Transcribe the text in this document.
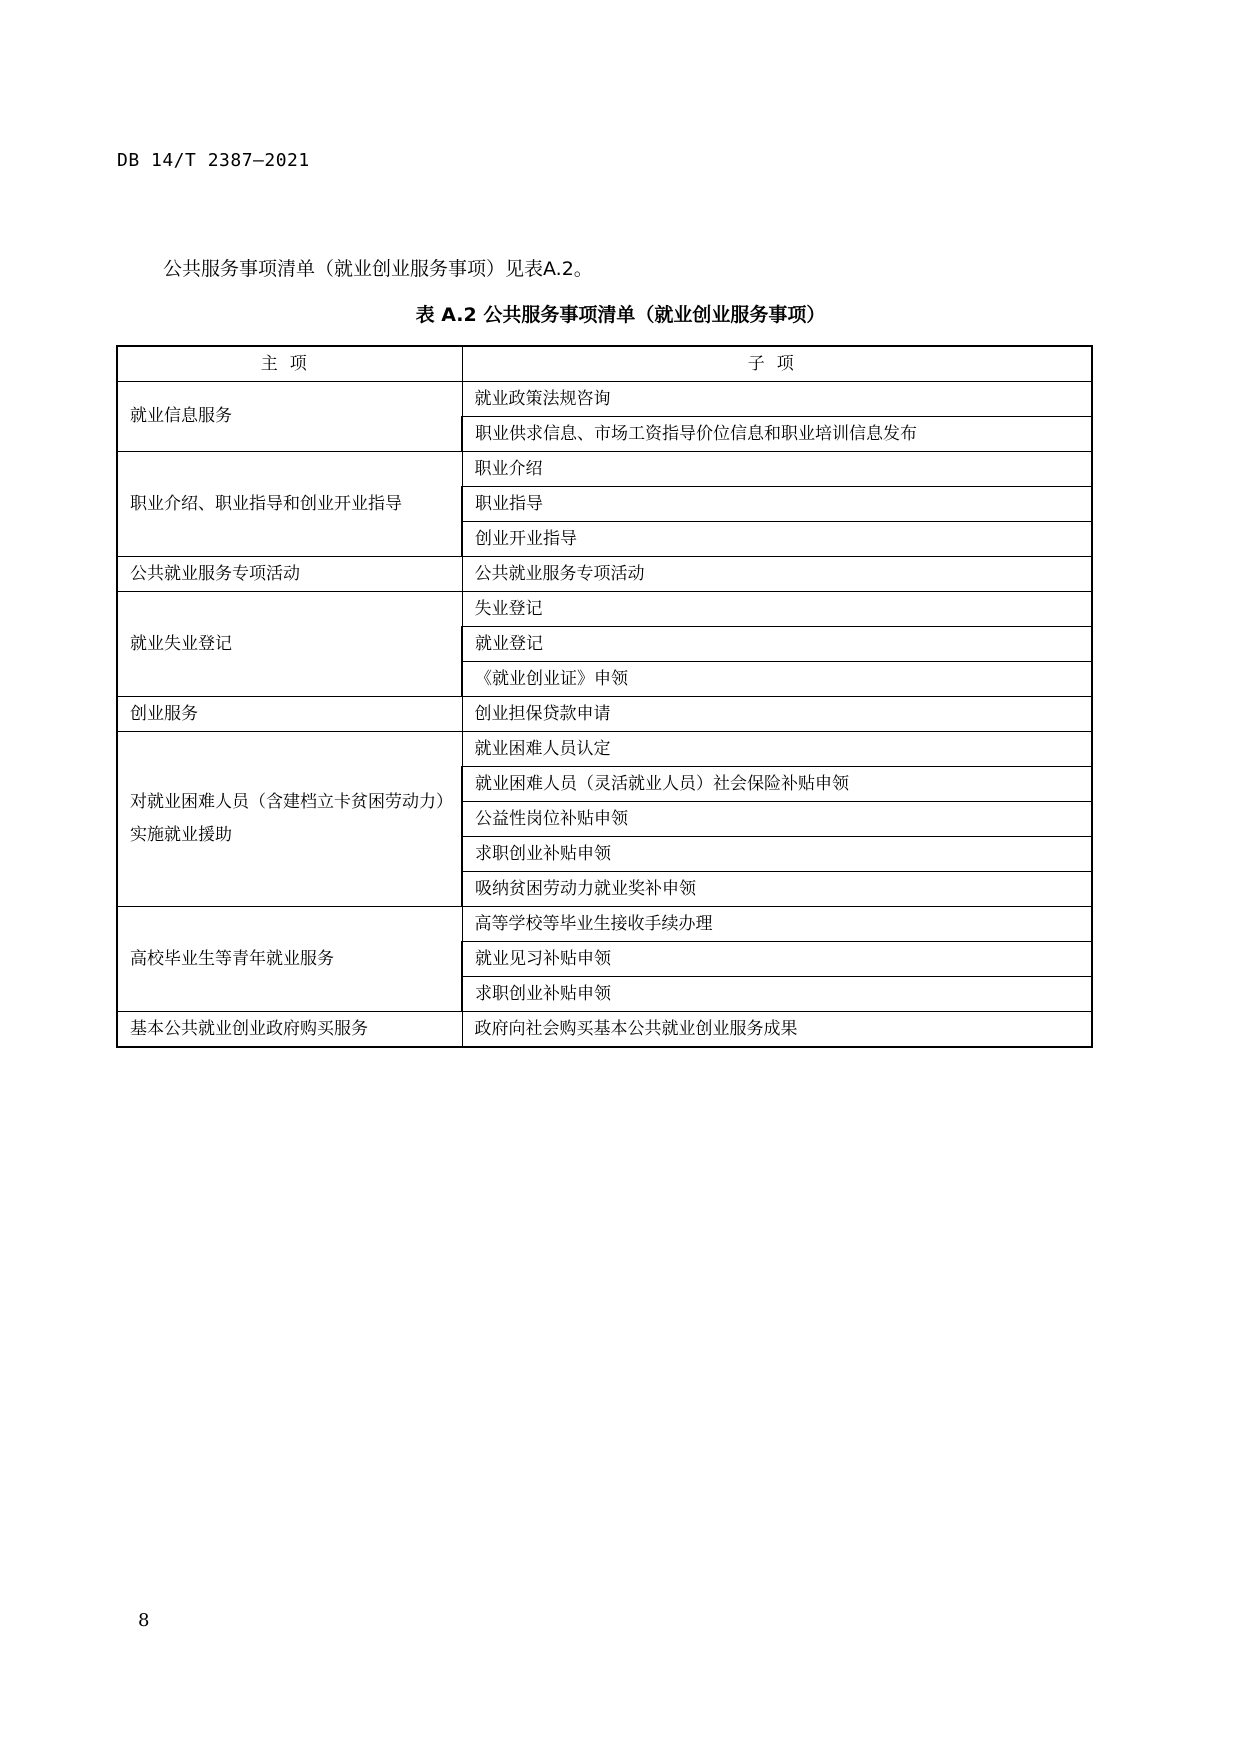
DB 14/T 2387—2021
公共服务事项清单（就业创业服务事项）见表A.2。
表 A.2 公共服务事项清单（就业创业服务事项）
主项	子项
就业信息服务	就业政策法规咨询
	职业供求信息、市场工资指导价位信息和职业培训信息发布
职业介绍、职业指导和创业开业指导	职业介绍
	职业指导
	创业开业指导
公共就业服务专项活动	公共就业服务专项活动
就业失业登记	失业登记
	就业登记
	《就业创业证》申领
创业服务	创业担保贷款申请
对就业困难人员（含建档立卡贫困劳动力）实施就业援助	就业困难人员认定
	就业困难人员（灵活就业人员）社会保险补贴申领
	公益性岗位补贴申领
	求职创业补贴申领
	吸纳贫困劳动力就业奖补申领
高校毕业生等青年就业服务	高等学校等毕业生接收手续办理
	就业见习补贴申领
	求职创业补贴申领
基本公共就业创业政府购买服务	政府向社会购买基本公共就业创业服务成果
8
